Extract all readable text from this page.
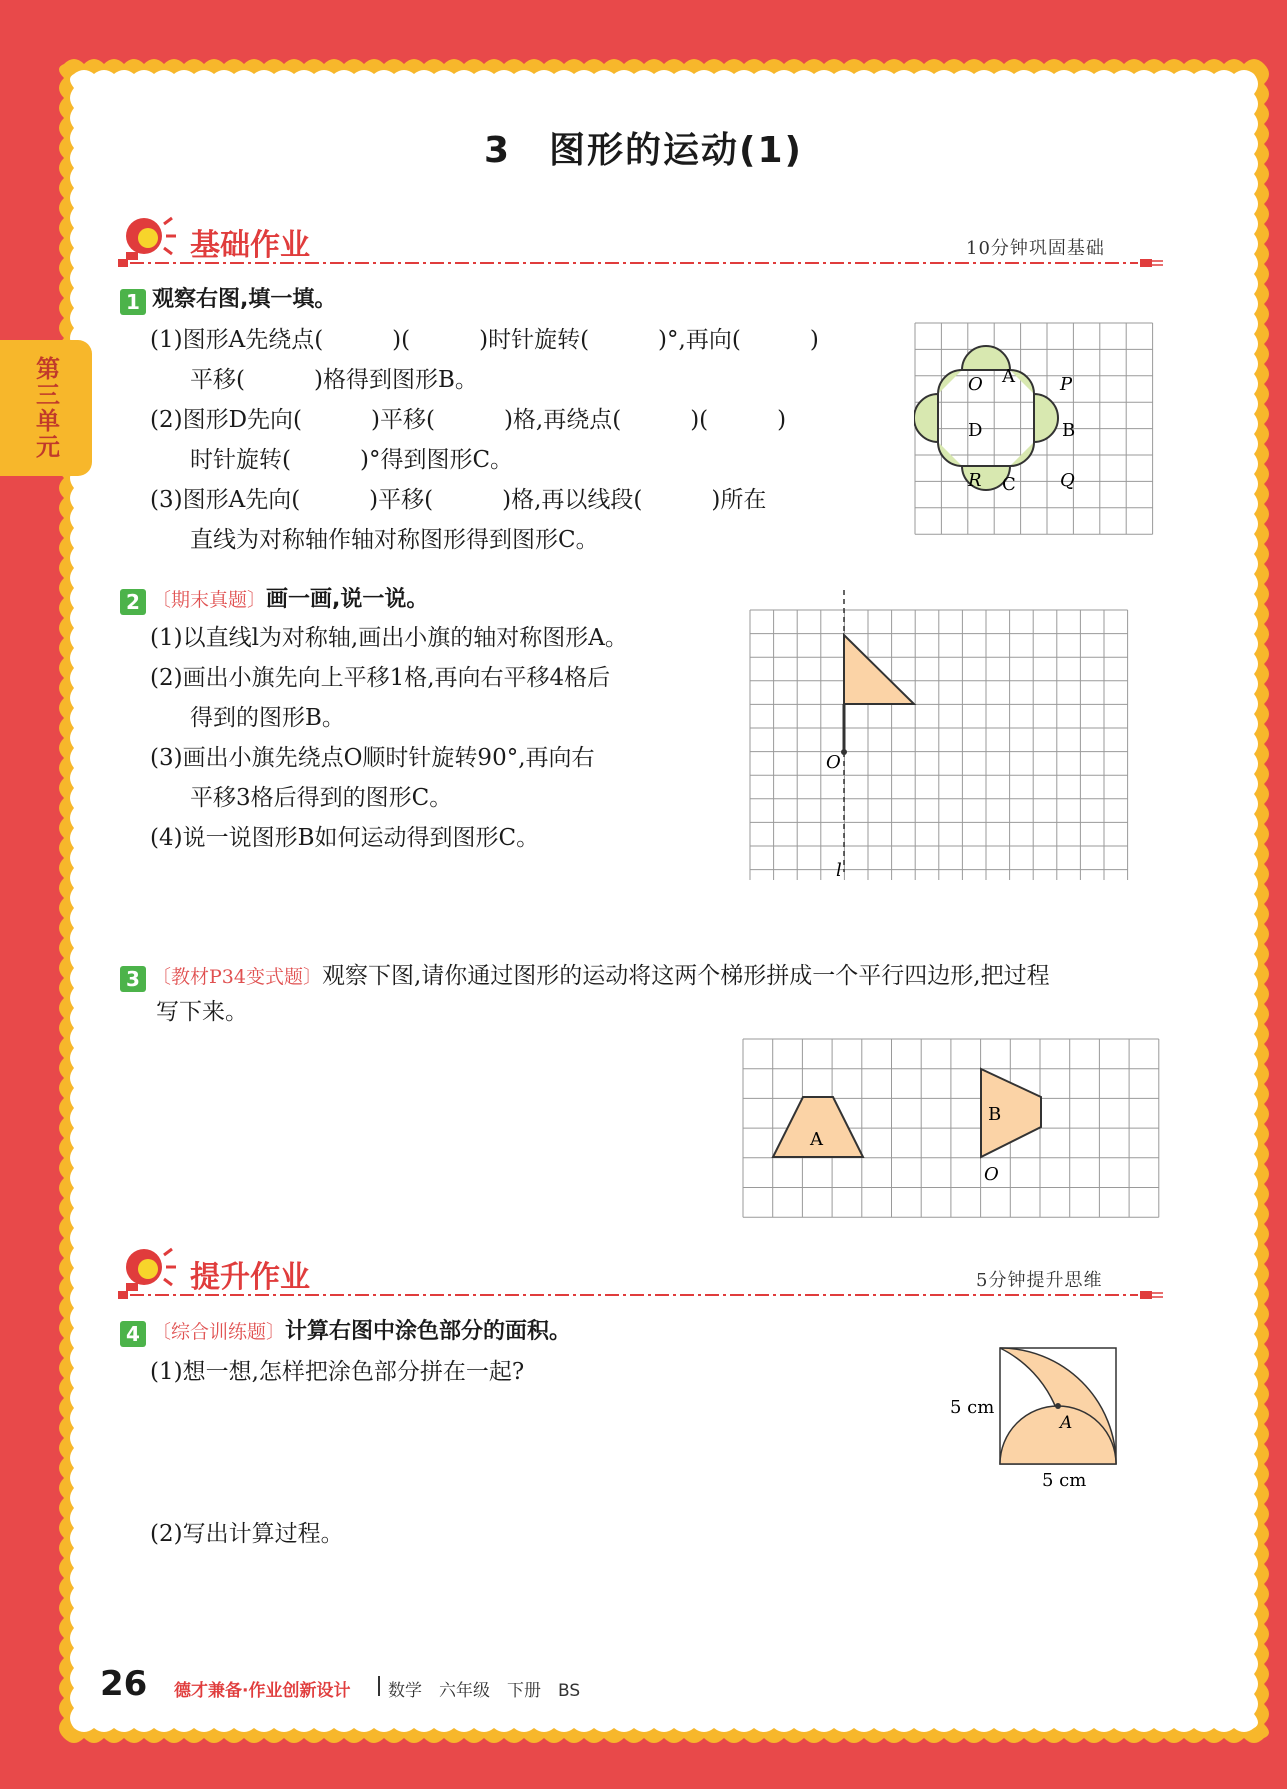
第三单元
3　图形的运动(1)
基础作业	10分钟巩固基础
1 观察右图,填一填。
(1)图形A先绕点(　　　)(　　　)时针旋转(　　　)°,再向(　　　)
平移(　　　)格得到图形B。
(2)图形D先向(　　　)平移(　　　)格,再绕点(　　　)(　　　)
时针旋转(　　　)°得到图形C。
(3)图形A先向(　　　)平移(　　　)格,再以线段(　　　)所在
直线为对称轴作轴对称图形得到图形C。
A
B
C
D
O	P
R	Q
2 〔期末真题〕画一画,说一说。
(1)以直线l为对称轴,画出小旗的轴对称图形A。
(2)画出小旗先向上平移1格,再向右平移4格后
得到的图形B。
(3)画出小旗先绕点O顺时针旋转90°,再向右
平移3格后得到的图形C。
(4)说一说图形B如何运动得到图形C。
O
l
3 〔教材P34变式题〕观察下图,请你通过图形的运动将这两个梯形拼成一个平行四边形,把过程
写下来。
A
B
O
提升作业	5分钟提升思维
4 〔综合训练题〕计算右图中涂色部分的面积。
(1)想一想,怎样把涂色部分拼在一起?
(2)写出计算过程。
A
5 cm
5 cm
26 德才兼备·作业创新设计 数学　六年级　下册　BS
